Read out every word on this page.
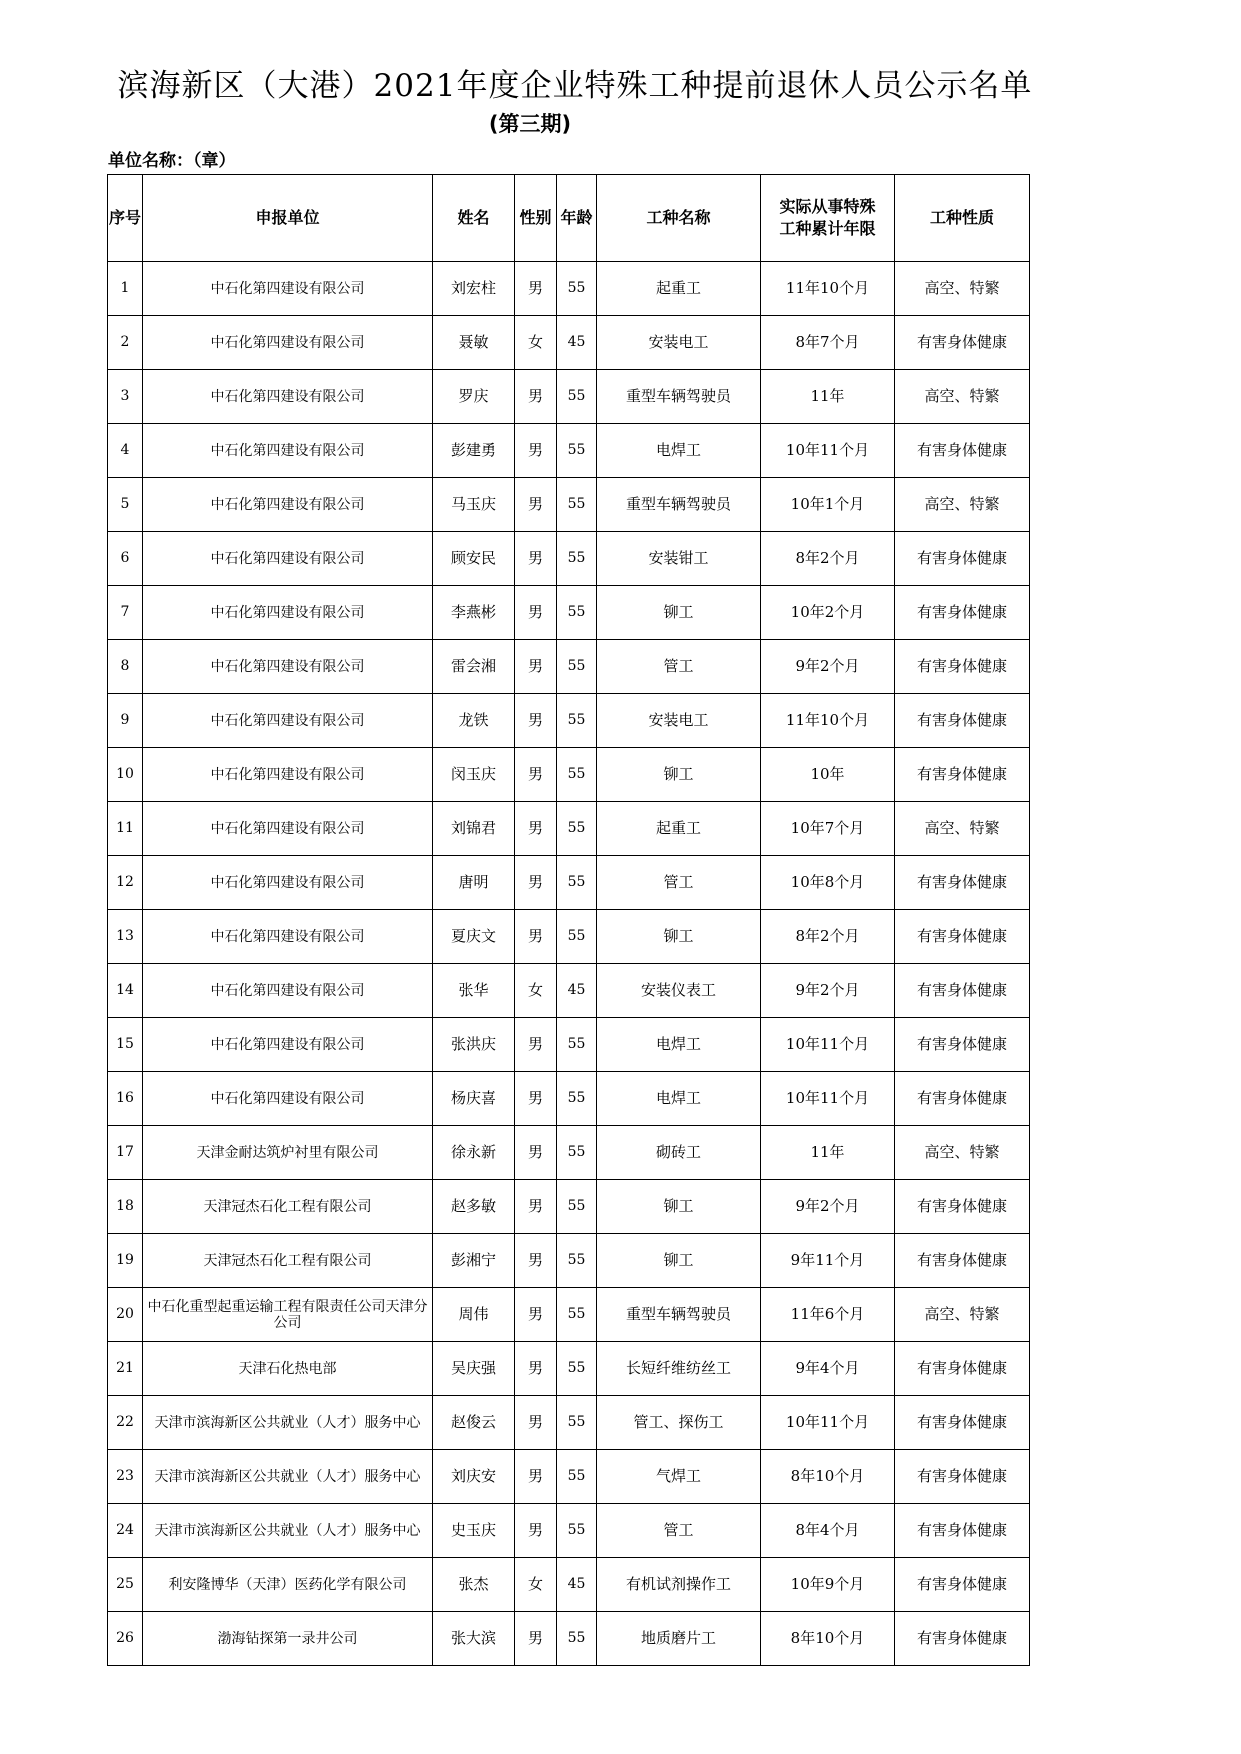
滨海新区（大港）2021年度企业特殊工种提前退休人员公示名单
(第三期)
单位名称：（章）
序号	申报单位	姓名	性别	年龄	工种名称	实际从事特殊工种累计年限	工种性质
1	中石化第四建设有限公司	刘宏柱	男	55	起重工	11年10个月	高空、特繁
2	中石化第四建设有限公司	聂敏	女	45	安装电工	8年7个月	有害身体健康
3	中石化第四建设有限公司	罗庆	男	55	重型车辆驾驶员	11年	高空、特繁
4	中石化第四建设有限公司	彭建勇	男	55	电焊工	10年11个月	有害身体健康
5	中石化第四建设有限公司	马玉庆	男	55	重型车辆驾驶员	10年1个月	高空、特繁
6	中石化第四建设有限公司	顾安民	男	55	安装钳工	8年2个月	有害身体健康
7	中石化第四建设有限公司	李燕彬	男	55	铆工	10年2个月	有害身体健康
8	中石化第四建设有限公司	雷会湘	男	55	管工	9年2个月	有害身体健康
9	中石化第四建设有限公司	龙铁	男	55	安装电工	11年10个月	有害身体健康
10	中石化第四建设有限公司	闵玉庆	男	55	铆工	10年	有害身体健康
11	中石化第四建设有限公司	刘锦君	男	55	起重工	10年7个月	高空、特繁
12	中石化第四建设有限公司	唐明	男	55	管工	10年8个月	有害身体健康
13	中石化第四建设有限公司	夏庆文	男	55	铆工	8年2个月	有害身体健康
14	中石化第四建设有限公司	张华	女	45	安装仪表工	9年2个月	有害身体健康
15	中石化第四建设有限公司	张洪庆	男	55	电焊工	10年11个月	有害身体健康
16	中石化第四建设有限公司	杨庆喜	男	55	电焊工	10年11个月	有害身体健康
17	天津金耐达筑炉衬里有限公司	徐永新	男	55	砌砖工	11年	高空、特繁
18	天津冠杰石化工程有限公司	赵多敏	男	55	铆工	9年2个月	有害身体健康
19	天津冠杰石化工程有限公司	彭湘宁	男	55	铆工	9年11个月	有害身体健康
20	中石化重型起重运输工程有限责任公司天津分公司	周伟	男	55	重型车辆驾驶员	11年6个月	高空、特繁
21	天津石化热电部	吴庆强	男	55	长短纤维纺丝工	9年4个月	有害身体健康
22	天津市滨海新区公共就业（人才）服务中心	赵俊云	男	55	管工、探伤工	10年11个月	有害身体健康
23	天津市滨海新区公共就业（人才）服务中心	刘庆安	男	55	气焊工	8年10个月	有害身体健康
24	天津市滨海新区公共就业（人才）服务中心	史玉庆	男	55	管工	8年4个月	有害身体健康
25	利安隆博华（天津）医药化学有限公司	张杰	女	45	有机试剂操作工	10年9个月	有害身体健康
26	渤海钻探第一录井公司	张大滨	男	55	地质磨片工	8年10个月	有害身体健康
